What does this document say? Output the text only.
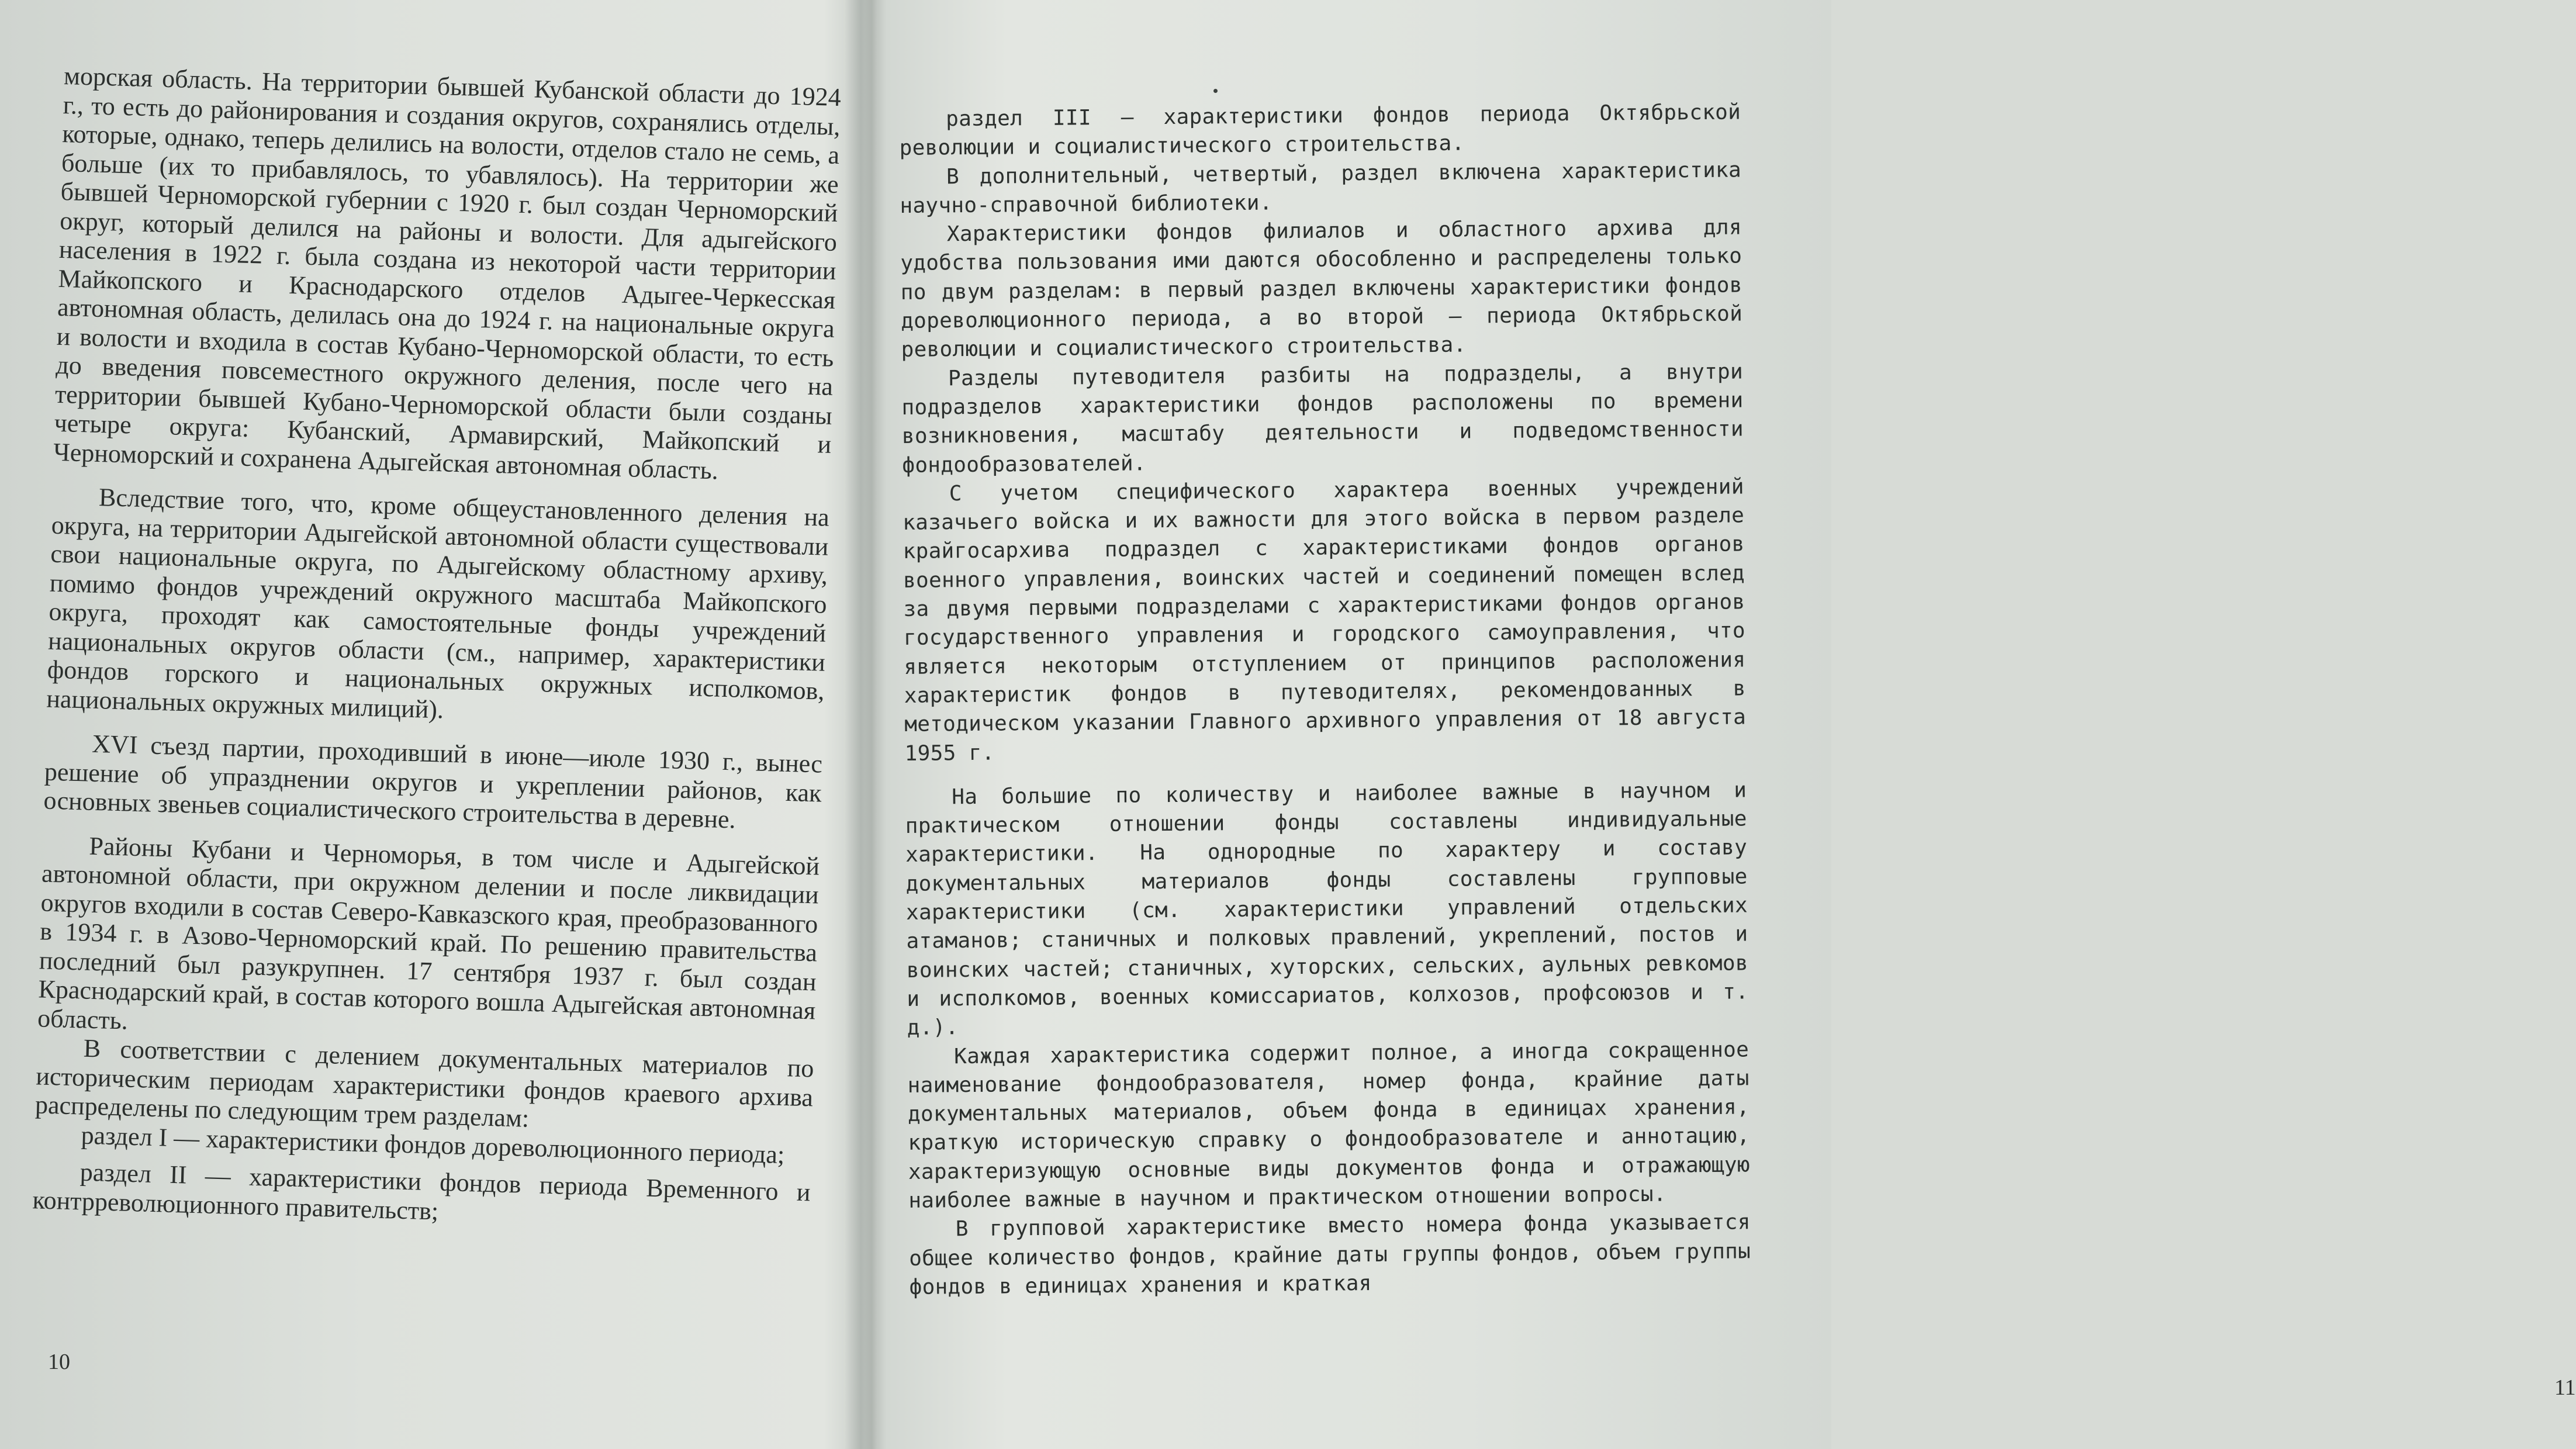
морская область. На территории бывшей Кубанской области до 1924 г., то есть до районирования и создания округов, сохранялись отделы, которые, однако, теперь делились на волости, отделов стало не семь, а больше (их то прибавлялось, то убавлялось). На территории же бывшей Черноморской губернии с 1920 г. был создан Черноморский округ, который делился на районы и волости. Для адыгейского населения в 1922 г. была создана из некоторой части территории Майкопского и Краснодарского отделов Адыгее-Черкесская автономная область, делилась она до 1924 г. на национальные округа и волости и входила в состав Кубано-Черноморской области, то есть до введения повсеместного окружного деления, после чего на территории бывшей Кубано-Черноморской области были созданы четыре округа: Кубанский, Армавирский, Майкопский и Черноморский и сохранена Адыгейская автономная область.

Вследствие того, что, кроме общеустановленного деления на округа, на территории Адыгейской автономной области существовали свои национальные округа, по Адыгейскому областному архиву, помимо фондов учреждений окружного масштаба Майкопского округа, проходят как самостоятельные фонды учреждений национальных округов области (см., например, характеристики фондов горского и национальных окружных исполкомов, национальных окружных милиций).

XVI съезд партии, проходивший в июне—июле 1930 г., вынес решение об упразднении округов и укреплении районов, как основных звеньев социалистического строительства в деревне.

Районы Кубани и Черноморья, в том числе и Адыгейской автономной области, при окружном делении и после ликвидации округов входили в состав Северо-Кавказского края, преобразованного в 1934 г. в Азово-Черноморский край. По решению правительства последний был разукрупнен. 17 сентября 1937 г. был создан Краснодарский край, в состав которого вошла Адыгейская автономная область.

В соответствии с делением документальных материалов по историческим периодам характеристики фондов краевого архива распределены по следующим трем разделам:

раздел I — характеристики фондов дореволюционного периода;

раздел II — характеристики фондов периода Временного и контрреволюционного правительств;

10

раздел III — характеристики фондов периода Октябрьской революции и социалистического строительства.

В дополнительный, четвертый, раздел включена характеристика научно-справочной библиотеки.

Характеристики фондов филиалов и областного архива для удобства пользования ими даются обособленно и распределены только по двум разделам: в первый раздел включены характеристики фондов дореволюционного периода, а во второй — периода Октябрьской революции и социалистического строительства.

Разделы путеводителя разбиты на подразделы, а внутри подразделов характеристики фондов расположены по времени возникновения, масштабу деятельности и подведомственности фондообразователей.

С учетом специфического характера военных учреждений казачьего войска и их важности для этого войска в первом разделе крайгосархива подраздел с характеристиками фондов органов военного управления, воинских частей и соединений помещен вслед за двумя первыми подразделами с характеристиками фондов органов государственного управления и городского самоуправления, что является некоторым отступлением от принципов расположения характеристик фондов в путеводителях, рекомендованных в методическом указании Главного архивного управления от 18 августа 1955 г.

На большие по количеству и наиболее важные в научном и практическом отношении фонды составлены индивидуальные характеристики. На однородные по характеру и составу документальных материалов фонды составлены групповые характеристики (см. характеристики управлений отдельских атаманов; станичных и полковых правлений, укреплений, постов и воинских частей; станичных, хуторских, сельских, аульных ревкомов и исполкомов, военных комиссариатов, колхозов, профсоюзов и т. д.).

Каждая характеристика содержит полное, а иногда сокращенное наименование фондообразователя, номер фонда, крайние даты документальных материалов, объем фонда в единицах хранения, краткую историческую справку о фондообразователе и аннотацию, характеризующую основные виды документов фонда и отражающую наиболее важные в научном и практическом отношении вопросы.

В групповой характеристике вместо номера фонда указывается общее количество фондов, крайние даты группы фондов, объем группы фондов в единицах хранения и краткая

11
